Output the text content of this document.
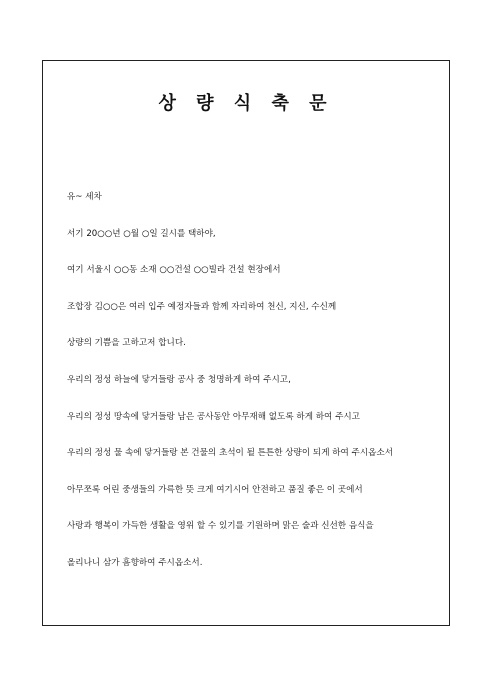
상 량 식 축 문
유~ 세차
서기 20○○년 ○월 ○일 길시를 택하야,
여기 서울시 ○○동 소재 ○○건설 ○○빌라 건설 현장에서
조합장 김○○은 여러 입주 예정자들과 함께 자리하여 천신, 지신, 수신께
상량의 기쁨을 고하고저 합니다.
우리의 정성 하늘에 닿거들랑 공사 중 청명하게 하여 주시고,
우리의 정성 땅속에 닿거들랑 남은 공사동안 아무재해 없도록 하게 하여 주시고
우리의 정성 물 속에 닿거들랑 본 건물의 초석이 될 튼튼한 상량이 되게 하여 주시옵소서
아무쪼록 어린 중생들의 가륵한 뜻 크게 여기시어 안전하고 품질 좋은 이 곳에서
사랑과 행복이 가득한 생활을 영위 할 수 있기를 기원하며 맑은 술과 신선한 음식을
올리나니 삼가 흠향하여 주시옵소서.
